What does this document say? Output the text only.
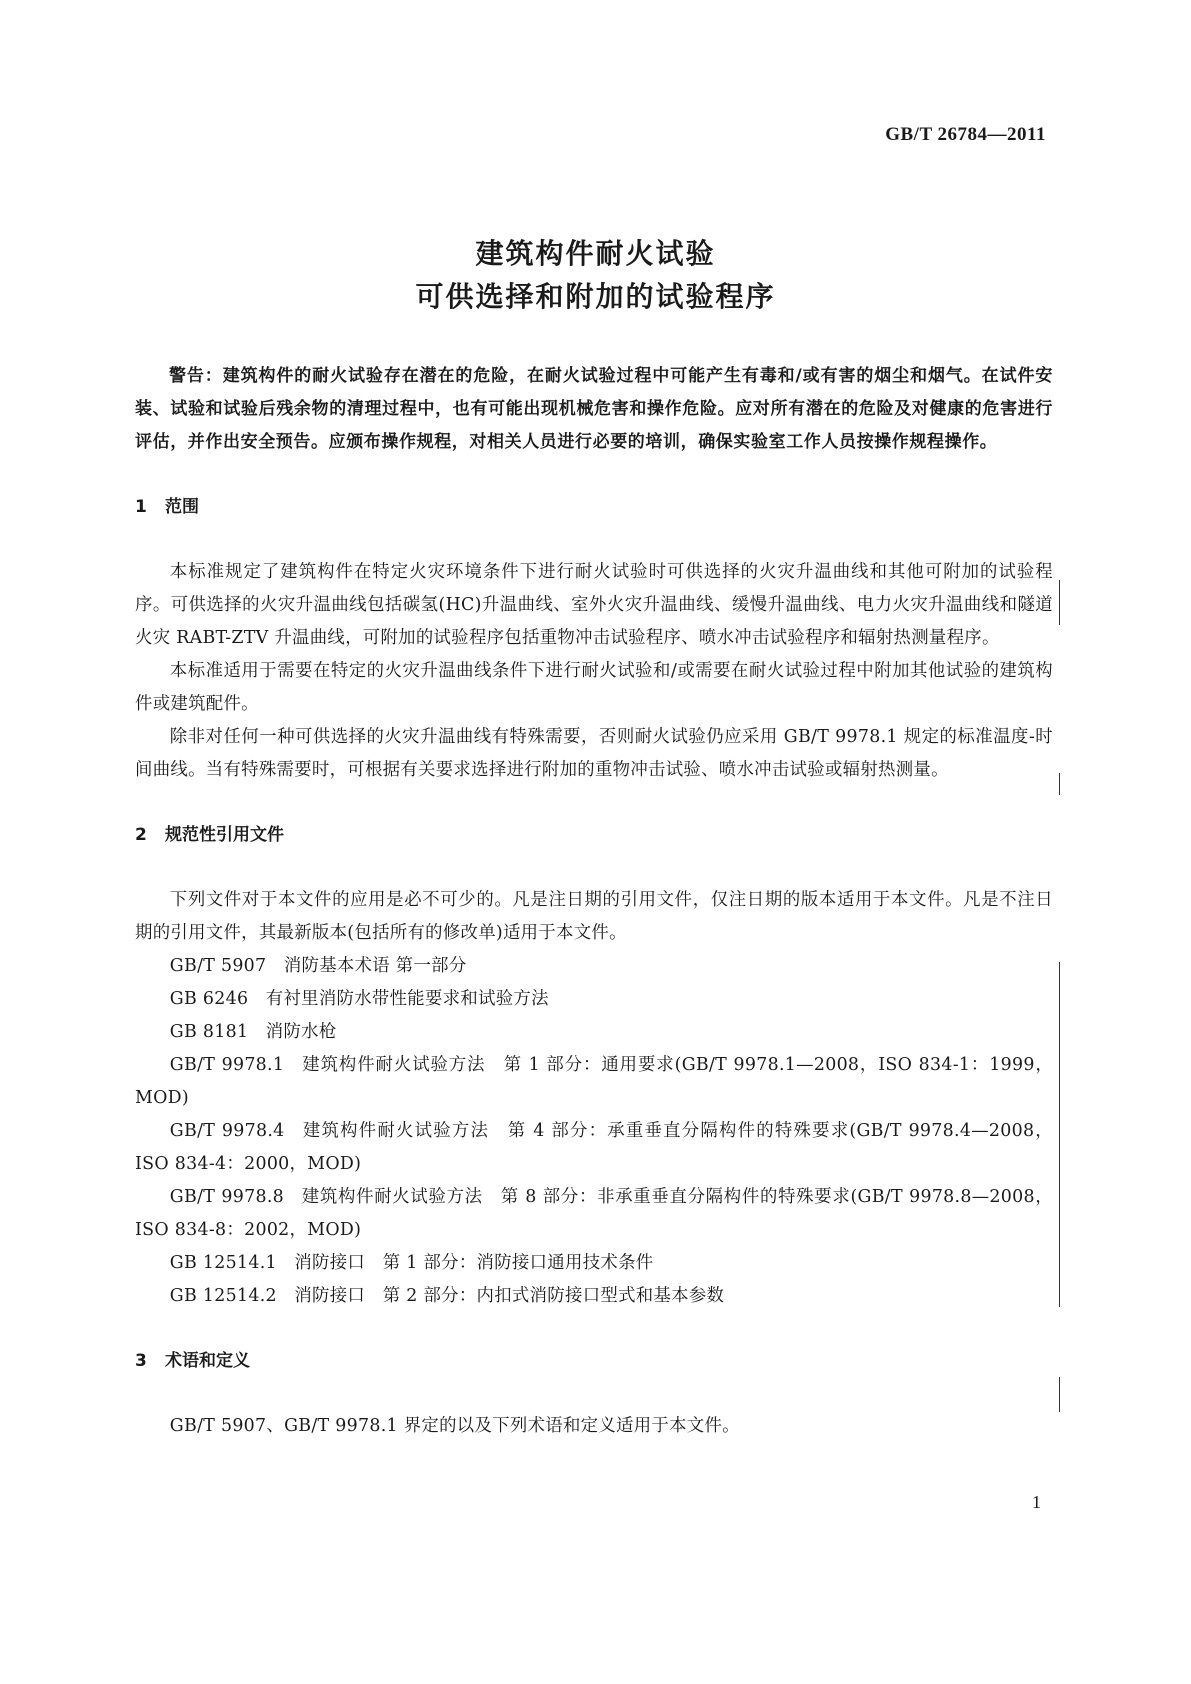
GB/T 26784—2011
建筑构件耐火试验
可供选择和附加的试验程序

警告：建筑构件的耐火试验存在潜在的危险，在耐火试验过程中可能产生有毒和/或有害的烟尘和烟气。在试件安装、试验和试验后残余物的清理过程中，也有可能出现机械危害和操作危险。应对所有潜在的危险及对健康的危害进行评估，并作出安全预告。应颁布操作规程，对相关人员进行必要的培训，确保实验室工作人员按操作规程操作。

1 范围

本标准规定了建筑构件在特定火灾环境条件下进行耐火试验时可供选择的火灾升温曲线和其他可附加的试验程序。可供选择的火灾升温曲线包括碳氢(HC)升温曲线、室外火灾升温曲线、缓慢升温曲线、电力火灾升温曲线和隧道火灾 RABT-ZTV 升温曲线，可附加的试验程序包括重物冲击试验程序、喷水冲击试验程序和辐射热测量程序。

本标准适用于需要在特定的火灾升温曲线条件下进行耐火试验和/或需要在耐火试验过程中附加其他试验的建筑构件或建筑配件。

除非对任何一种可供选择的火灾升温曲线有特殊需要，否则耐火试验仍应采用 GB/T 9978.1 规定的标准温度-时间曲线。当有特殊需要时，可根据有关要求选择进行附加的重物冲击试验、喷水冲击试验或辐射热测量。

2 规范性引用文件

下列文件对于本文件的应用是必不可少的。凡是注日期的引用文件，仅注日期的版本适用于本文件。凡是不注日期的引用文件，其最新版本(包括所有的修改单)适用于本文件。

GB/T 5907 消防基本术语 第一部分
GB 6246 有衬里消防水带性能要求和试验方法
GB 8181 消防水枪
GB/T 9978.1 建筑构件耐火试验方法　第 1 部分：通用要求(GB/T 9978.1—2008，ISO 834-1：1999，MOD)
GB/T 9978.4 建筑构件耐火试验方法　第 4 部分：承重垂直分隔构件的特殊要求(GB/T 9978.4—2008，ISO 834-4：2000，MOD)
GB/T 9978.8 建筑构件耐火试验方法　第 8 部分：非承重垂直分隔构件的特殊要求(GB/T 9978.8—2008，ISO 834-8：2002，MOD)
GB 12514.1 消防接口　第 1 部分：消防接口通用技术条件
GB 12514.2 消防接口　第 2 部分：内扣式消防接口型式和基本参数
3 术语和定义

GB/T 5907、GB/T 9978.1 界定的以及下列术语和定义适用于本文件。

1
